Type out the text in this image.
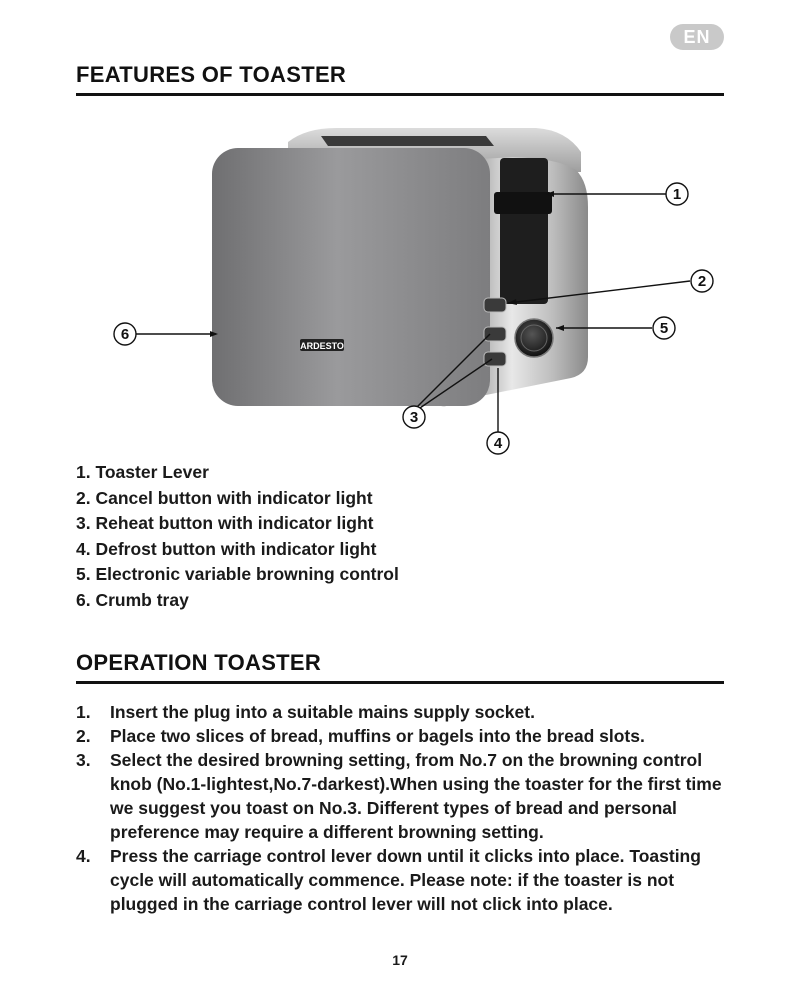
EN
FEATURES OF TOASTER
ARDESTO
1
2
3
4
5
6
1. Toaster Lever
2. Cancel button with indicator light
3. Reheat button with indicator light
4. Defrost button with indicator light
5. Electronic variable browning control
6. Crumb tray
OPERATION TOASTER
1.	Insert the plug into a suitable mains supply socket.
2.	Place two slices of bread, muffins or bagels into the bread slots.
3.	Select the desired browning setting, from No.7 on the browning control knob (No.1-lightest,No.7-darkest).When using the toaster for the first time we suggest you toast on No.3. Different types of bread and personal preference may require a different browning setting.
4.	Press the carriage control lever down until it clicks into place. Toasting cycle will automatically commence. Please note: if the toaster is not plugged in the carriage control lever will not click into place.
17
